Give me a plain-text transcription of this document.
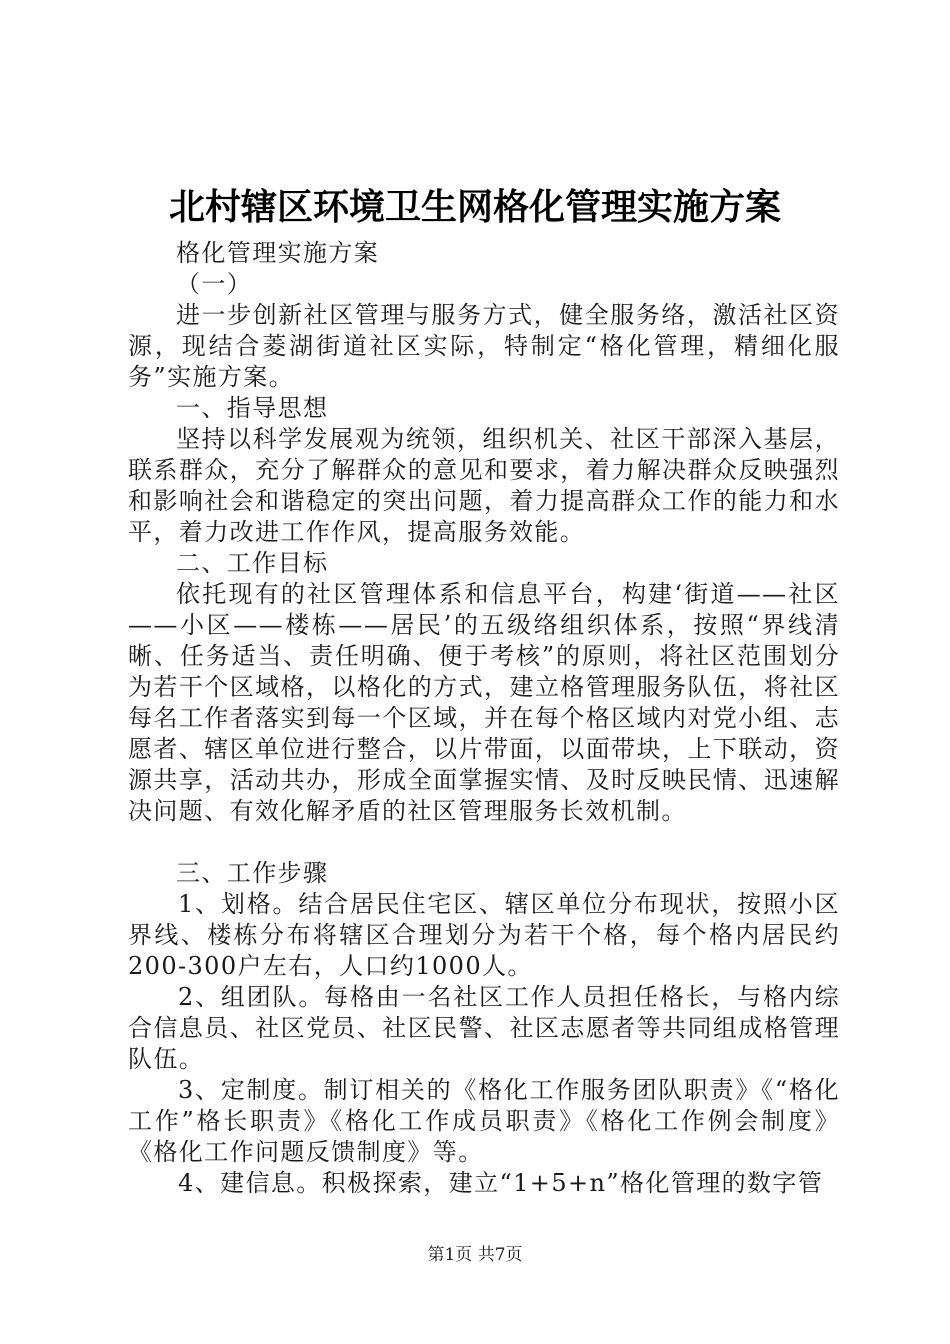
北村辖区环境卫生网格化管理实施方案

格化管理实施方案

（一）

进一步创新社区管理与服务方式，健全服务络，激活社区资源，现结合菱湖街道社区实际，特制定“格化管理，精细化服务”实施方案。

一、指导思想

坚持以科学发展观为统领，组织机关、社区干部深入基层，联系群众，充分了解群众的意见和要求，着力解决群众反映强烈和影响社会和谐稳定的突出问题，着力提高群众工作的能力和水平，着力改进工作作风，提高服务效能。

二、工作目标

依托现有的社区管理体系和信息平台，构建‘街道——社区——小区——楼栋——居民’的五级络组织体系，按照“界线清晰、任务适当、责任明确、便于考核”的原则，将社区范围划分为若干个区域格，以格化的方式，建立格管理服务队伍，将社区每名工作者落实到每一个区域，并在每个格区域内对党小组、志愿者、辖区单位进行整合，以片带面，以面带块，上下联动，资源共享，活动共办，形成全面掌握实情、及时反映民情、迅速解决问题、有效化解矛盾的社区管理服务长效机制。

三、工作步骤

1、划格。结合居民住宅区、辖区单位分布现状，按照小区界线、楼栋分布将辖区合理划分为若干个格，每个格内居民约200-300户左右，人口约1000人。

2、组团队。每格由一名社区工作人员担任格长，与格内综合信息员、社区党员、社区民警、社区志愿者等共同组成格管理队伍。

3、定制度。制订相关的《格化工作服务团队职责》《“格化工作”格长职责》《格化工作成员职责》《格化工作例会制度》《格化工作问题反馈制度》等。

4、建信息。积极探索，建立“1+5+n”格化管理的数字管

第1页 共7页
